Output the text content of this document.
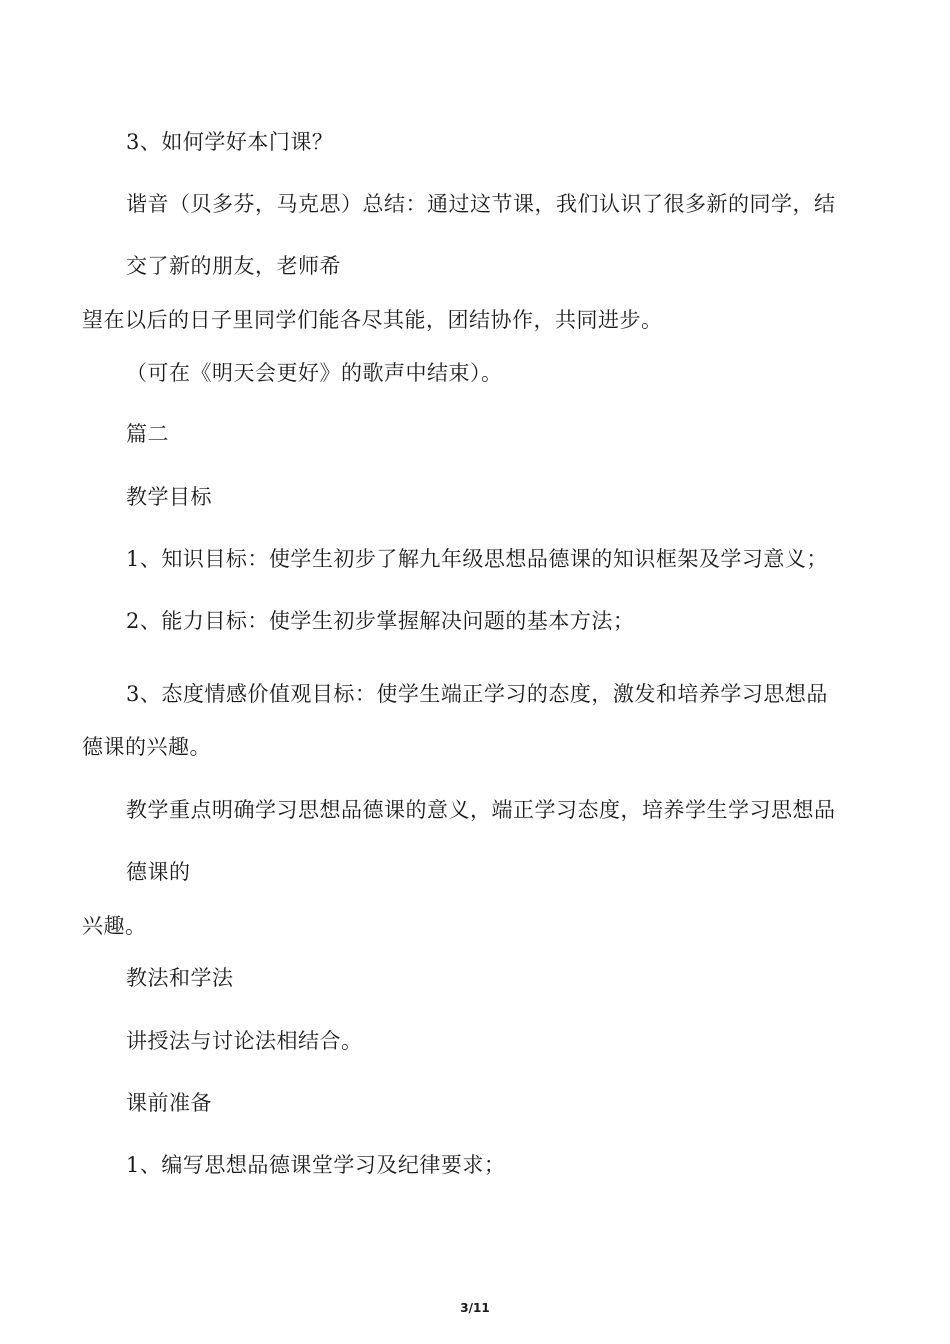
3、如何学好本门课？
谐音（贝多芬，马克思）总结：通过这节课，我们认识了很多新的同学，结
交了新的朋友，老师希
望在以后的日子里同学们能各尽其能，团结协作，共同进步。
（可在《明天会更好》的歌声中结束）。
篇二
教学目标
1、知识目标：使学生初步了解九年级思想品德课的知识框架及学习意义；
2、能力目标：使学生初步掌握解决问题的基本方法；
3、态度情感价值观目标：使学生端正学习的态度，激发和培养学习思想品
德课的兴趣。
教学重点明确学习思想品德课的意义，端正学习态度，培养学生学习思想品
德课的
兴趣。
教法和学法
讲授法与讨论法相结合。
课前准备
1、编写思想品德课堂学习及纪律要求；
3/11
